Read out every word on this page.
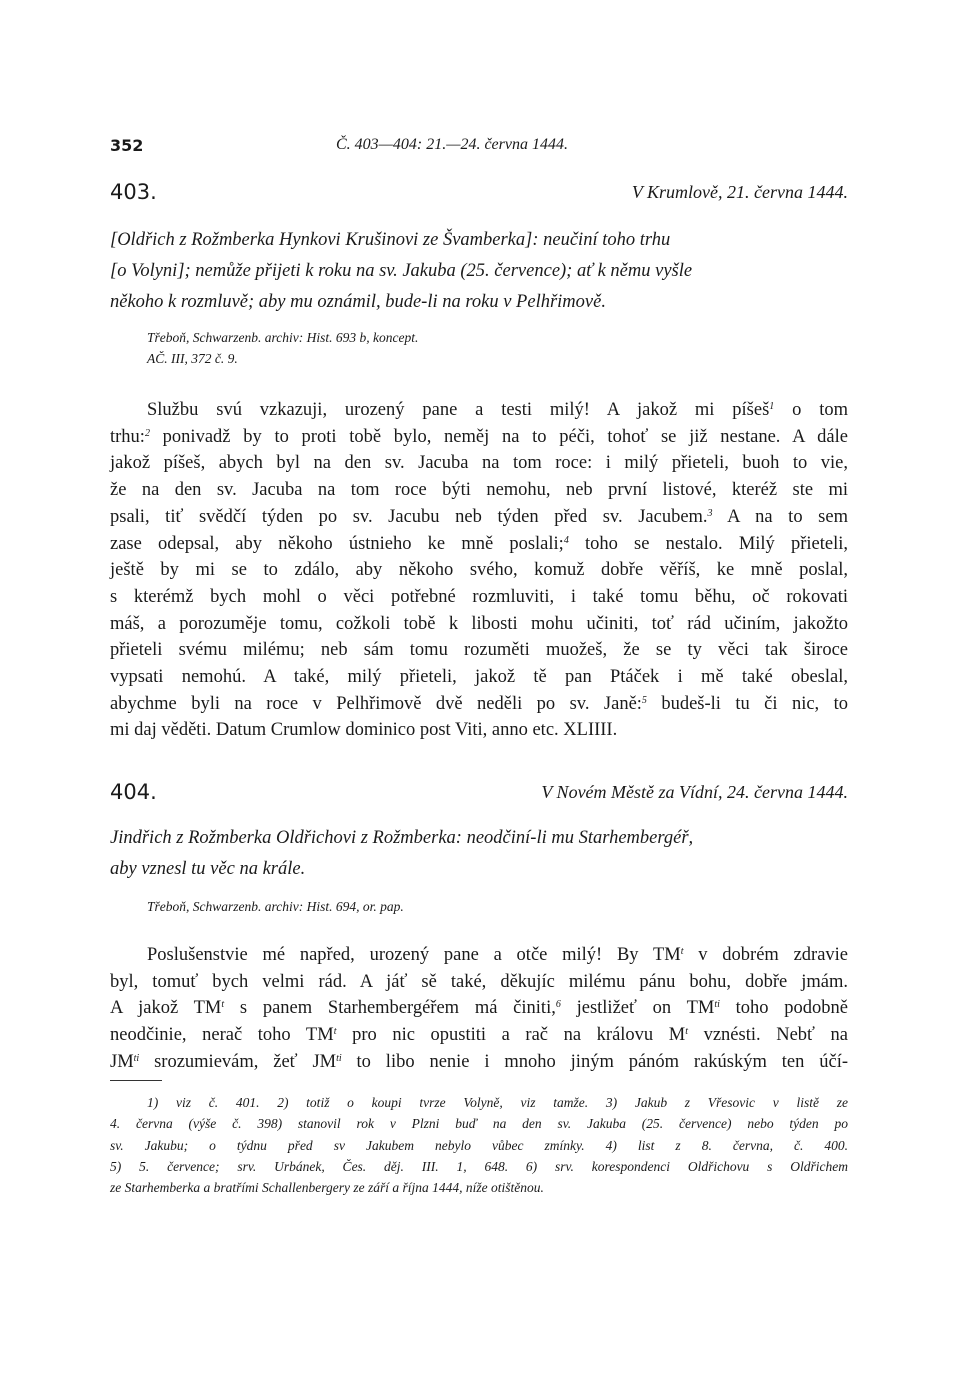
352	Č. 403—404: 21.—24. června 1444.
403.	V Krumlově, 21. června 1444.
[Oldřich z Rožmberka Hynkovi Krušinovi ze Švamberka]: neučiní toho trhu
[o Volyni]; nemůže přijeti k roku na sv. Jakuba (25. července); ať k němu vyšle
někoho k rozmluvě; aby mu oznámil, bude-li na roku v Pelhřimově.
Třeboň, Schwarzenb. archiv: Hist. 693 b, koncept.
AČ. III, 372 č. 9.
Službu svú vzkazuji, urozený pane a testi milý! A jakož mi píšeš$^1$ o tom
trhu:$^2$ ponivadž by to proti tobě bylo, neměj na to péči, tohoť se již nestane. A dále
jakož píšeš, abych byl na den sv. Jacuba na tom roce: i milý přieteli, buoh to vie,
že na den sv. Jacuba na tom roce býti nemohu, neb první listové, kteréž ste mi
psali, tiť svědčí týden po sv. Jacubu neb týden před sv. Jacubem.$^3$ A na to sem
zase odepsal, aby někoho ústnieho ke mně poslali;$^4$ toho se nestalo. Milý přieteli,
ještě by mi se to zdálo, aby někoho svého, komuž dobře věříš, ke mně poslal,
s kterémž bych mohl o věci potřebné rozmluviti, i také tomu běhu, oč rokovati
máš, a porozuměje tomu, cožkoli tobě k libosti mohu učiniti, toť rád učiním, jakožto
přieteli svému milému; neb sám tomu rozuměti muožeš, že se ty věci tak široce
vypsati nemohú. A také, milý přieteli, jakož tě pan Ptáček i mě také obeslal,
abychme byli na roce v Pelhřimově dvě neděli po sv. Janě:$^5$ budeš-li tu či nic, to
mi daj věděti. Datum Crumlow dominico post Viti, anno etc. XLIIII.
404.	V Novém Městě za Vídní, 24. června 1444.
Jindřich z Rožmberka Oldřichovi z Rožmberka: neodčiní-li mu Starhembergéř,
aby vznesl tu věc na krále.
Třeboň, Schwarzenb. archiv: Hist. 694, or. pap.
Poslušenstvie mé napřed, urozený pane a otče milý! By $TM^t$ v dobrém zdravie
byl, tomuť bych velmi rád. A jáť sě také, děkujíc milému pánu bohu, dobře jmám.
A jakož $TM^t$ s panem Starhembergéřem má činiti,$^6$ jestližeť on $TM^{ti}$ toho podobně
neodčinie, nerač toho $TM^t$ pro nic opustiti a rač na královu $M^t$ vznésti. Nebť na
$JM^{ti}$ srozumievám, žeť $JM^{ti}$ to libo nenie i mnoho jiným pánóm rakúským ten účí-
1) viz č. 401. 2) totiž o koupi tvrze Volyně, viz tamže. 3) Jakub z Vřesovic v listě ze
4. června (výše č. 398) stanovil rok v Plzni buď na den sv. Jakuba (25. července) nebo týden po
sv. Jakubu; o týdnu před sv Jakubem nebylo vůbec zmínky. 4) list z 8. června, č. 400.
5) 5. července; srv. Urbánek, Čes. děj. III. 1, 648. 6) srv. korespondenci Oldřichovu s Oldřichem
ze Starhemberka a bratřími Schallenbergery ze září a října 1444, níže otištěnou.
